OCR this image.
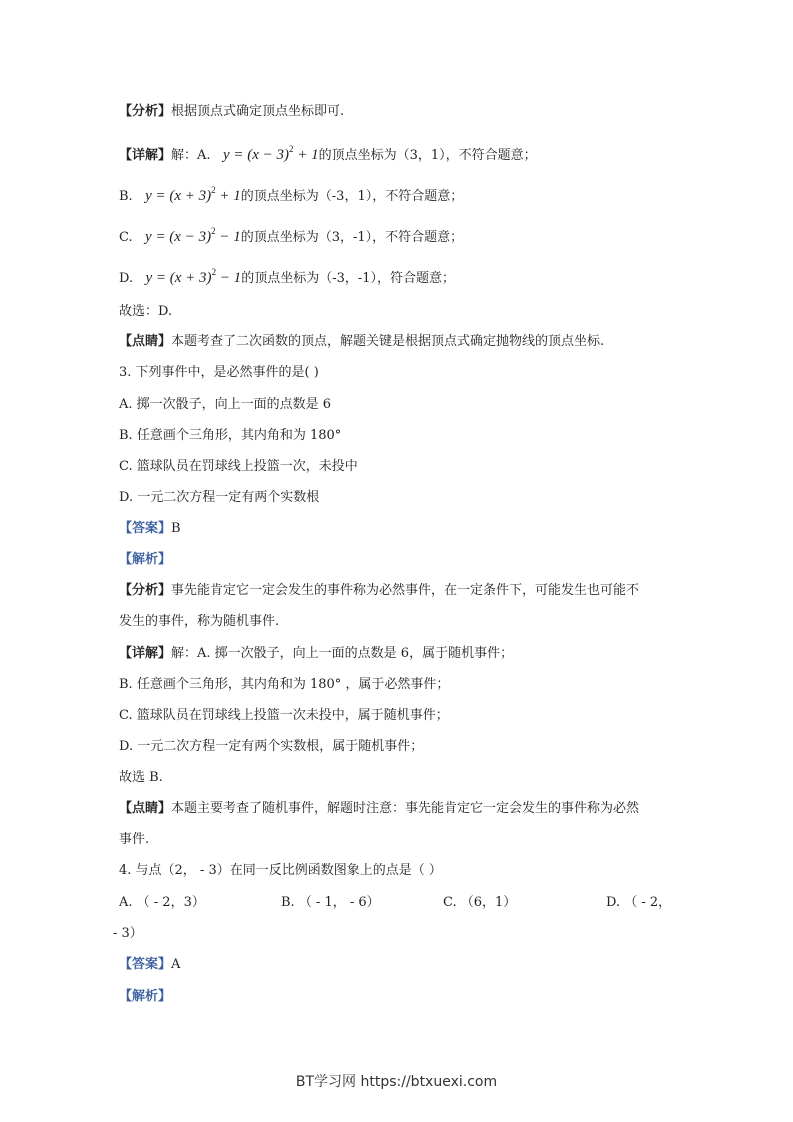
【分析】根据顶点式确定顶点坐标即可.
【详解】解：A. $y = (x - 3)^2 + 1$的顶点坐标为（3，1），不符合题意；
B. $y = (x + 3)^2 + 1$的顶点坐标为（-3，1），不符合题意；
C. $y = (x - 3)^2 - 1$的顶点坐标为（3，-1），不符合题意；
D. $y = (x + 3)^2 - 1$的顶点坐标为（-3，-1），符合题意；
故选：D.
【点睛】本题考查了二次函数的顶点，解题关键是根据顶点式确定抛物线的顶点坐标.
3. 下列事件中，是必然事件的是( )
A. 掷一次骰子，向上一面的点数是 6
B. 任意画个三角形，其内角和为 180°
C. 篮球队员在罚球线上投篮一次，未投中
D. 一元二次方程一定有两个实数根
【答案】B
【解析】
【分析】事先能肯定它一定会发生的事件称为必然事件，在一定条件下，可能发生也可能不
发生的事件，称为随机事件.
【详解】解：A. 掷一次骰子，向上一面的点数是 6，属于随机事件；
B. 任意画个三角形，其内角和为 180° ，属于必然事件；
C. 篮球队员在罚球线上投篮一次未投中，属于随机事件；
D. 一元二次方程一定有两个实数根，属于随机事件；
故选 B.
【点睛】本题主要考查了随机事件，解题时注意：事先能肯定它一定会发生的事件称为必然
事件.
4. 与点（2， - 3）在同一反比例函数图象上的点是（ ）
A. （ - 2，3）	B. （ - 1， - 6）	C. （6，1）	D. （ - 2，
- 3）
【答案】A
【解析】
BT学习网 https://btxuexi.com
